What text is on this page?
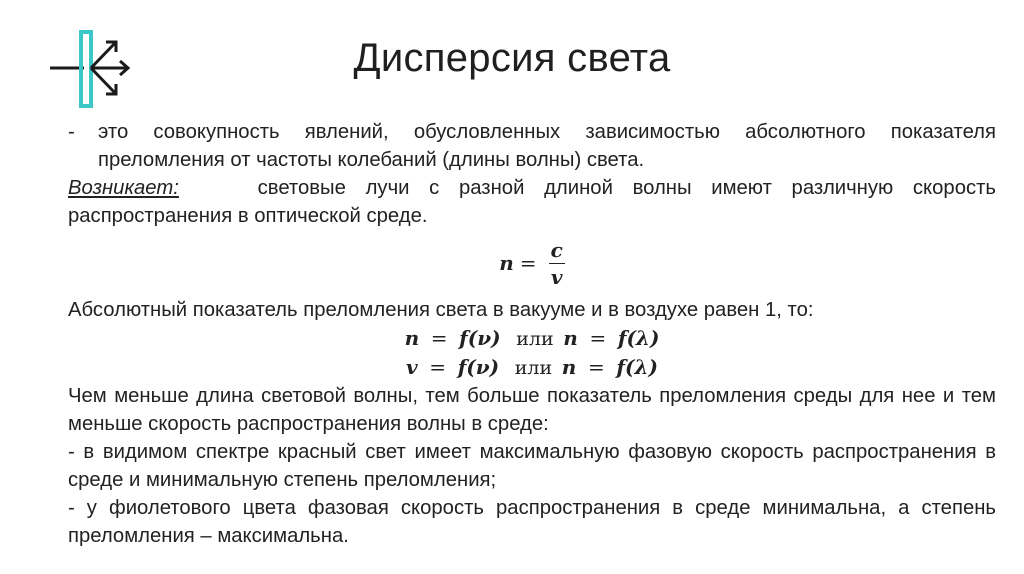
Дисперсия света
-	это совокупность явлений, обусловленных зависимостью абсолютного показателя преломления от частоты колебаний (длины волны) света.

Возникает:	световые лучи с разной длиной волны имеют различную скорость распространения в оптической среде.

$n = \frac{c}{v}$

Абсолютный показатель преломления света в вакууме и в воздухе равен 1, то:

n = f(ν) или n = f(λ)
v = f(ν) или n = f(λ)

Чем меньше длина световой волны, тем больше показатель преломления среды для нее и тем меньше скорость распространения волны в среде:

- в видимом спектре красный свет имеет максимальную фазовую скорость распространения в среде и минимальную степень преломления;

- у фиолетового цвета фазовая скорость распространения в среде минимальна, а степень преломления – максимальна.
